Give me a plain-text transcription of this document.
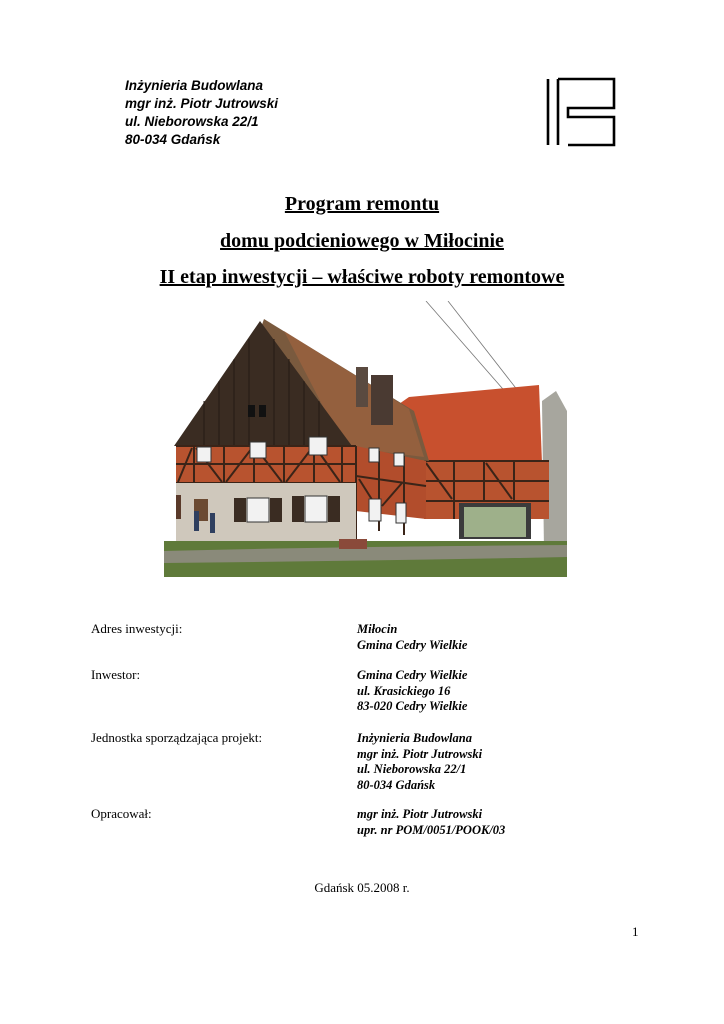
Inżynieria Budowlana
mgr inż. Piotr Jutrowski
ul. Nieborowska 22/1
80-034 Gdańsk
Program remontu
domu podcieniowego w Miłocinie
II etap inwestycji – właściwe roboty remontowe
Adres inwestycji:	Miłocin
Gmina Cedry Wielkie
Inwestor:	Gmina Cedry Wielkie
ul. Krasickiego 16
83-020 Cedry Wielkie
Jednostka sporządzająca projekt:	Inżynieria Budowlana
mgr inż. Piotr Jutrowski
ul. Nieborowska 22/1
80-034 Gdańsk
Opracował:	mgr inż. Piotr Jutrowski
upr. nr POM/0051/POOK/03
Gdańsk 05.2008 r.
1
